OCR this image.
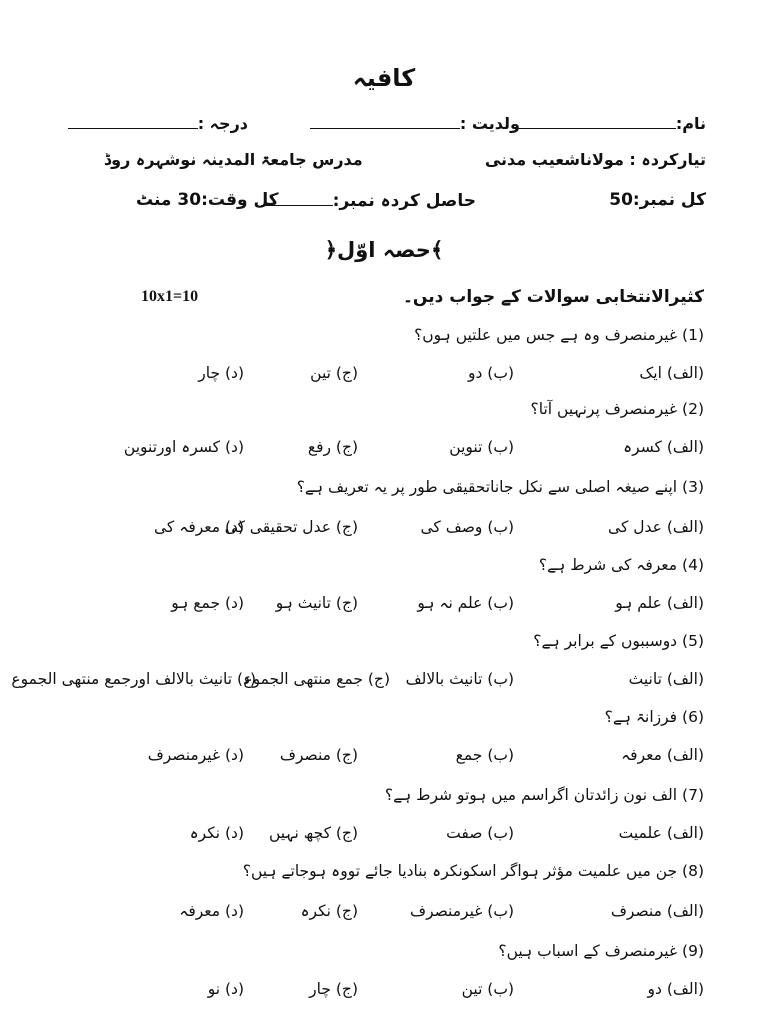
کافیہ
نام:
ولدیت :
درجہ :
تیارکردہ : مولاناشعیب مدنی
مدرس جامعۃ المدینہ نوشہرہ روڈ
کل نمبر:50
حاصل کردہ نمبر:
کل وقت:30 منٹ
﴿حصہ اوّل﴾
کثیرالانتخابی سوالات کے جواب دیں۔
10x1=10
(1) غیرمنصرف وہ ہے جس میں علتیں ہوں؟
(الف) ایک
(ب) دو
(ج) تین
(د) چار
(2) غیرمنصرف پرنہیں آتا؟
(الف) کسرہ
(ب) تنوین
(ج) رفع
(د) کسرہ اورتنوین
(3) اپنے صیغہ اصلی سے نکل جاناتحقیقی طور پر یہ تعریف ہے؟
(الف) عدل کی
(ب) وصف کی
(ج) عدل تحقیقی کی
(د) معرفہ کی
(4) معرفہ کی شرط ہے؟
(الف) علم ہو
(ب) علم نہ ہو
(ج) تانیث ہو
(د) جمع ہو
(5) دوسببوں کے برابر ہے؟
(الف) تانیث
(ب) تانیث بالالف
(ج) جمع منتھی الجموع
(د) تانیث بالالف اورجمع منتھی الجموع
(6) فرزانۃ ہے؟
(الف) معرفہ
(ب) جمع
(ج) منصرف
(د) غیرمنصرف
(7) الف نون زائدتان اگراسم میں ہوتو شرط ہے؟
(الف) علمیت
(ب) صفت
(ج) کچھ نہیں
(د) نکرہ
(8) جن میں علمیت مؤثر ہواگر اسکونکرہ بنادیا جائے تووہ ہوجاتے ہیں؟
(الف) منصرف
(ب) غیرمنصرف
(ج) نکرہ
(د) معرفہ
(9) غیرمنصرف کے اسباب ہیں؟
(الف) دو
(ب) تین
(ج) چار
(د) نو
